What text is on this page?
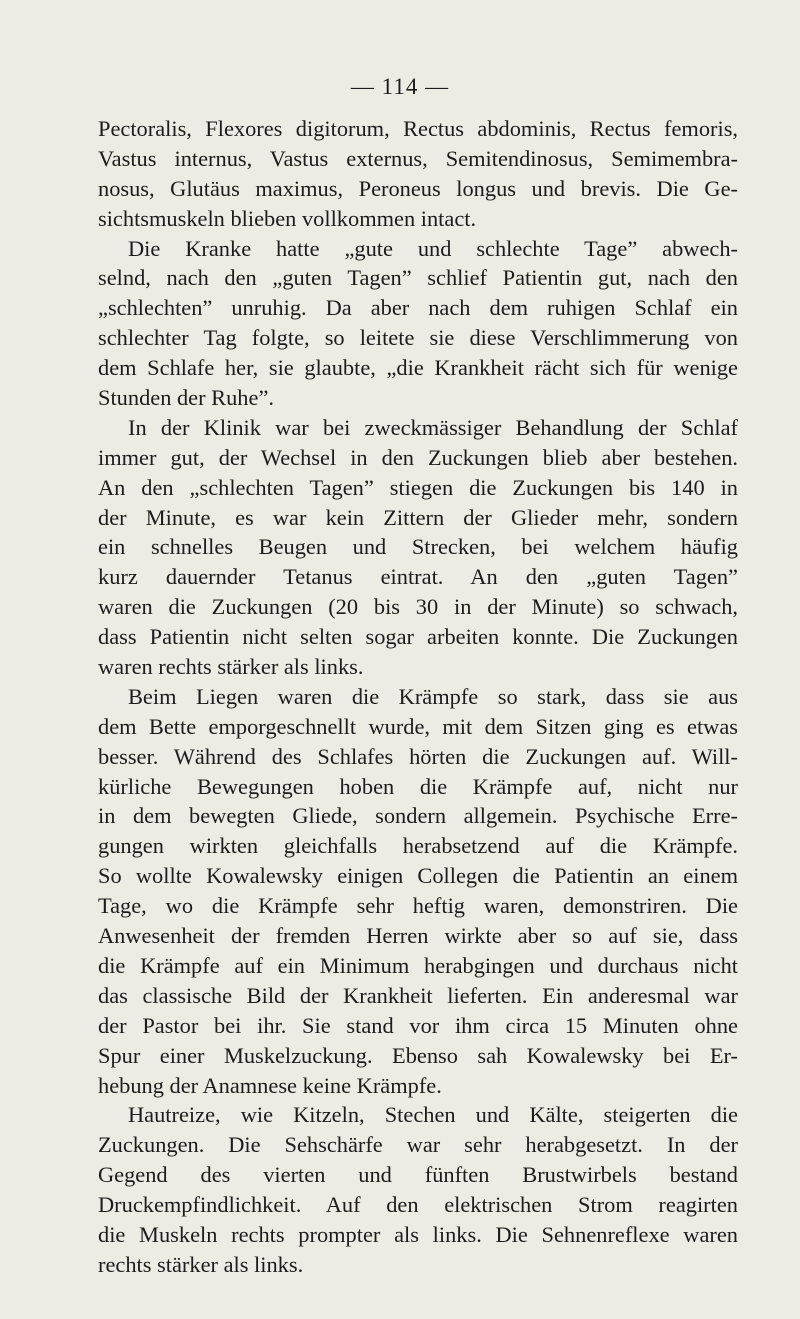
— 114 —
Pectoralis, Flexores digitorum, Rectus abdominis, Rectus femoris,
Vastus internus, Vastus externus, Semitendinosus, Semimembra-
nosus, Glutäus maximus, Peroneus longus und brevis. Die Ge-
sichtsmuskeln blieben vollkommen intact.
Die Kranke hatte „gute und schlechte Tage” abwech-
selnd, nach den „guten Tagen” schlief Patientin gut, nach den
„schlechten” unruhig. Da aber nach dem ruhigen Schlaf ein
schlechter Tag folgte, so leitete sie diese Verschlimmerung von
dem Schlafe her, sie glaubte, „die Krankheit rächt sich für wenige
Stunden der Ruhe”.
In der Klinik war bei zweckmässiger Behandlung der Schlaf
immer gut, der Wechsel in den Zuckungen blieb aber bestehen.
An den „schlechten Tagen” stiegen die Zuckungen bis 140 in
der Minute, es war kein Zittern der Glieder mehr, sondern
ein schnelles Beugen und Strecken, bei welchem häufig
kurz dauernder Tetanus eintrat. An den „guten Tagen”
waren die Zuckungen (20 bis 30 in der Minute) so schwach,
dass Patientin nicht selten sogar arbeiten konnte. Die Zuckungen
waren rechts stärker als links.
Beim Liegen waren die Krämpfe so stark, dass sie aus
dem Bette emporgeschnellt wurde, mit dem Sitzen ging es etwas
besser. Während des Schlafes hörten die Zuckungen auf. Will-
kürliche Bewegungen hoben die Krämpfe auf, nicht nur
in dem bewegten Gliede, sondern allgemein. Psychische Erre-
gungen wirkten gleichfalls herabsetzend auf die Krämpfe.
So wollte Kowalewsky einigen Collegen die Patientin an einem
Tage, wo die Krämpfe sehr heftig waren, demonstriren. Die
Anwesenheit der fremden Herren wirkte aber so auf sie, dass
die Krämpfe auf ein Minimum herabgingen und durchaus nicht
das classische Bild der Krankheit lieferten. Ein anderesmal war
der Pastor bei ihr. Sie stand vor ihm circa 15 Minuten ohne
Spur einer Muskelzuckung. Ebenso sah Kowalewsky bei Er-
hebung der Anamnese keine Krämpfe.
Hautreize, wie Kitzeln, Stechen und Kälte, steigerten die
Zuckungen. Die Sehschärfe war sehr herabgesetzt. In der
Gegend des vierten und fünften Brustwirbels bestand
Druckempfindlichkeit. Auf den elektrischen Strom reagirten
die Muskeln rechts prompter als links. Die Sehnenreflexe waren
rechts stärker als links.
